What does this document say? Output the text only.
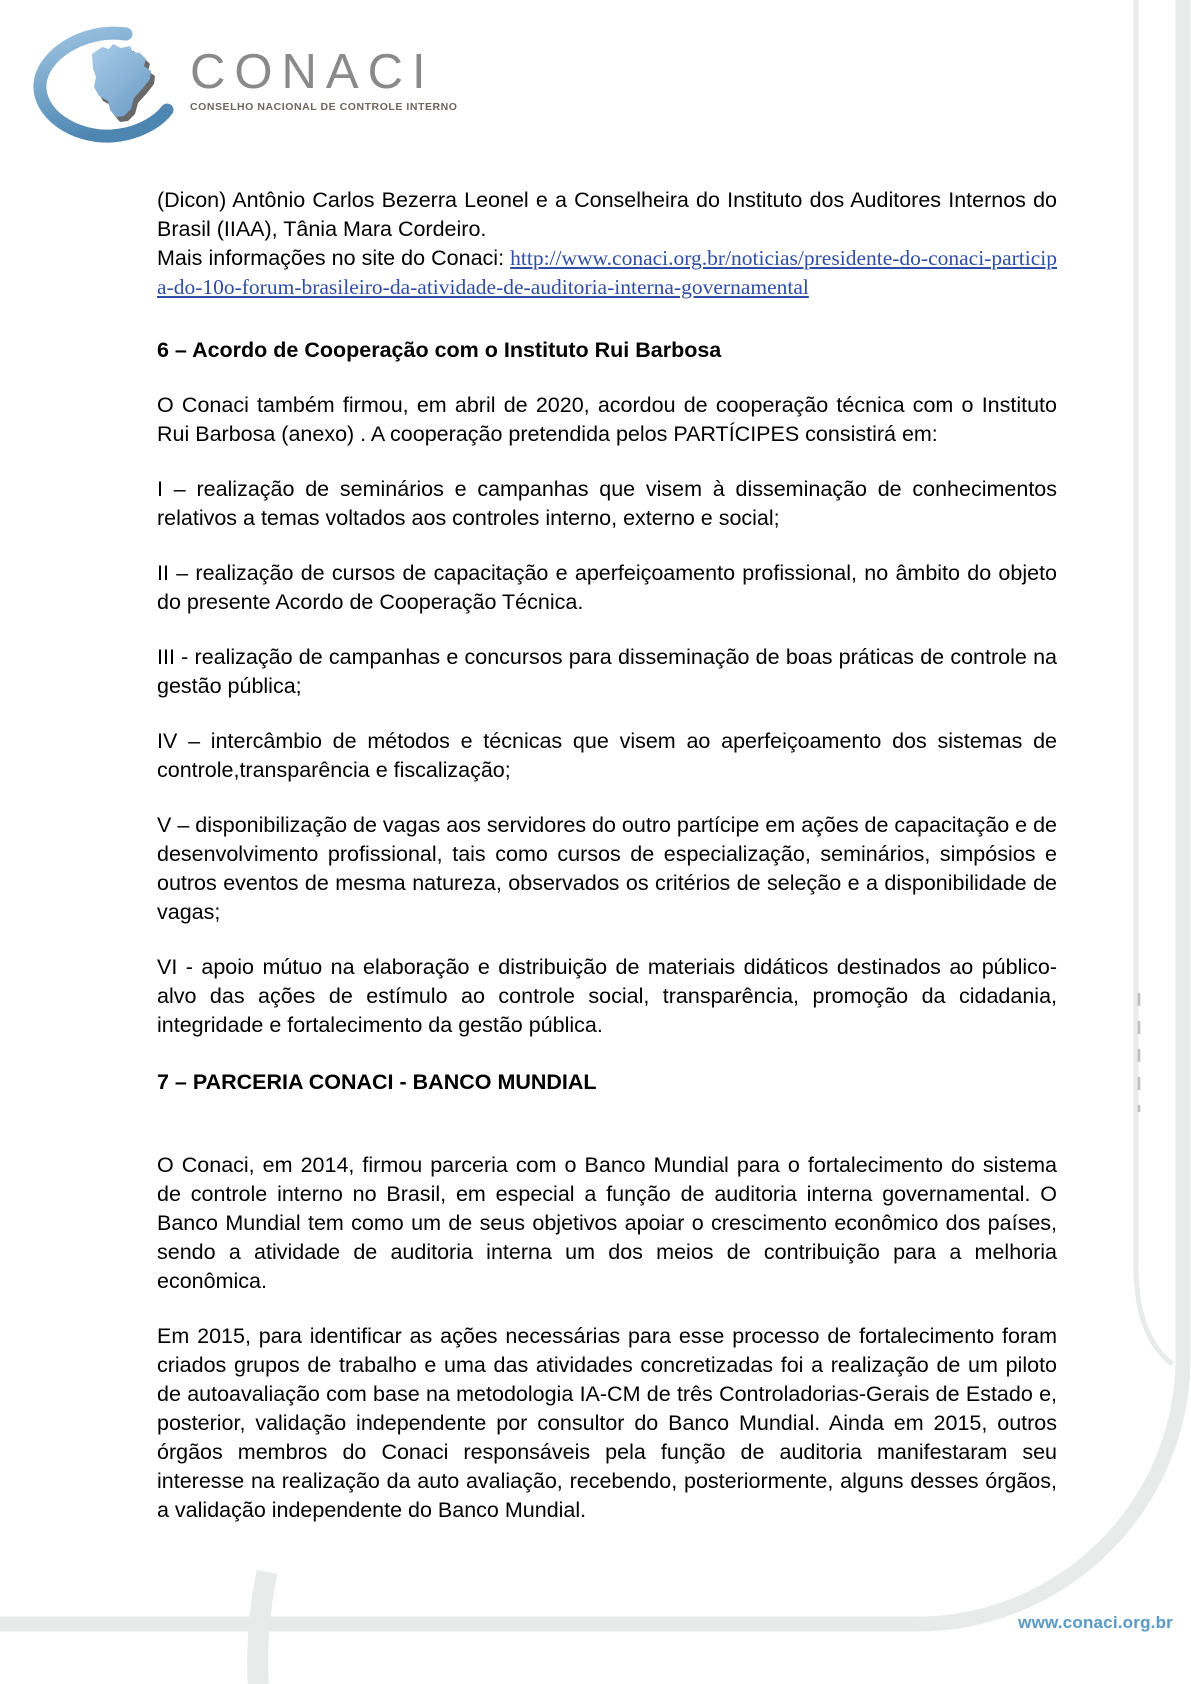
CONACI
CONSELHO NACIONAL DE CONTROLE INTERNO

(Dicon) Antônio Carlos Bezerra Leonel e a Conselheira do Instituto dos Auditores Internos do Brasil (IIAA), Tânia Mara Cordeiro.

Mais informações no site do Conaci: http://www.conaci.org.br/noticias/presidente-do-conaci-participa-do-10o-forum-brasileiro-da-atividade-de-auditoria-interna-governamental

6 – Acordo de Cooperação com o Instituto Rui Barbosa

O Conaci também firmou, em abril de 2020, acordou de cooperação técnica com o Instituto Rui Barbosa (anexo) . A cooperação pretendida pelos PARTÍCIPES consistirá em:

I – realização de seminários e campanhas que visem à disseminação de conhecimentos relativos a temas voltados aos controles interno, externo e social;

II – realização de cursos de capacitação e aperfeiçoamento profissional, no âmbito do objeto do presente Acordo de Cooperação Técnica.

III - realização de campanhas e concursos para disseminação de boas práticas de controle na gestão pública;

IV – intercâmbio de métodos e técnicas que visem ao aperfeiçoamento dos sistemas de controle,transparência e fiscalização;

V – disponibilização de vagas aos servidores do outro partícipe em ações de capacitação e de desenvolvimento profissional, tais como cursos de especialização, seminários, simpósios e outros eventos de mesma natureza, observados os critérios de seleção e a disponibilidade de vagas;

VI - apoio mútuo na elaboração e distribuição de materiais didáticos destinados ao público-alvo das ações de estímulo ao controle social, transparência, promoção da cidadania, integridade e fortalecimento da gestão pública.

7 – PARCERIA CONACI - BANCO MUNDIAL

O Conaci, em 2014, firmou parceria com o Banco Mundial para o fortalecimento do sistema de controle interno no Brasil, em especial a função de auditoria interna governamental. O Banco Mundial tem como um de seus objetivos apoiar o crescimento econômico dos países, sendo a atividade de auditoria interna um dos meios de contribuição para a melhoria econômica.

Em 2015, para identificar as ações necessárias para esse processo de fortalecimento foram criados grupos de trabalho e uma das atividades concretizadas foi a realização de um piloto de autoavaliação com base na metodologia IA-CM de três Controladorias-Gerais de Estado e, posterior, validação independente por consultor do Banco Mundial. Ainda em 2015, outros órgãos membros do Conaci responsáveis pela função de auditoria manifestaram seu interesse na realização da auto avaliação, recebendo, posteriormente, alguns desses órgãos, a validação independente do Banco Mundial.

www.conaci.org.br
